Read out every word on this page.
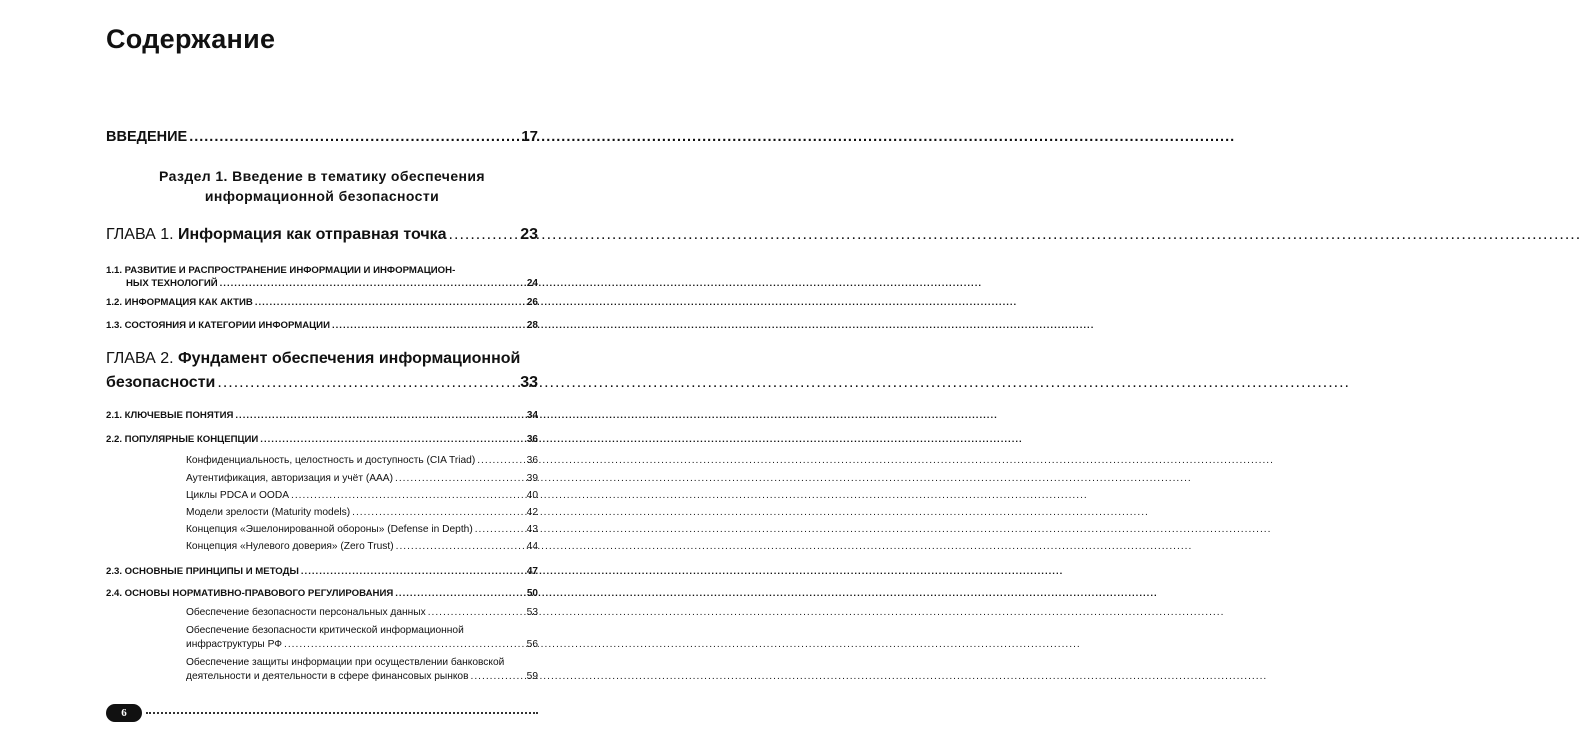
Содержание
ВВЕДЕНИЕ .....	17
Раздел 1. Введение в тематику обеспечения
информационной безопасности
ГЛАВА 1. Информация как отправная точка .....	23
1.1. РАЗВИТИЕ И РАСПРОСТРАНЕНИЕ ИНФОРМАЦИИ И ИНФОРМАЦИОН-
НЫХ ТЕХНОЛОГИЙ .....	24
1.2. ИНФОРМАЦИЯ КАК АКТИВ .....	26
1.3. СОСТОЯНИЯ И КАТЕГОРИИ ИНФОРМАЦИИ .....	28
ГЛАВА 2. Фундамент обеспечения информационной
безопасности .....	33
2.1. КЛЮЧЕВЫЕ ПОНЯТИЯ .....	34
2.2. ПОПУЛЯРНЫЕ КОНЦЕПЦИИ .....	36
Конфиденциальность, целостность и доступность (CIA Triad) .....	36
Аутентификация, авторизация и учёт (AAA) .....	39
Циклы PDCA и OODA .....	40
Модели зрелости (Maturity models) .....	42
Концепция «Эшелонированной обороны» (Defense in Depth) .....	43
Концепция «Нулевого доверия» (Zero Trust) .....	44
2.3. ОСНОВНЫЕ ПРИНЦИПЫ И МЕТОДЫ .....	47
2.4. ОСНОВЫ НОРМАТИВНО-ПРАВОВОГО РЕГУЛИРОВАНИЯ .....	50
Обеспечение безопасности персональных данных .....	53
Обеспечение безопасности критической информационной
инфраструктуры РФ .....	56
Обеспечение защиты информации при осуществлении банковской
деятельности и деятельности в сфере финансовых рынков .....	59
6
